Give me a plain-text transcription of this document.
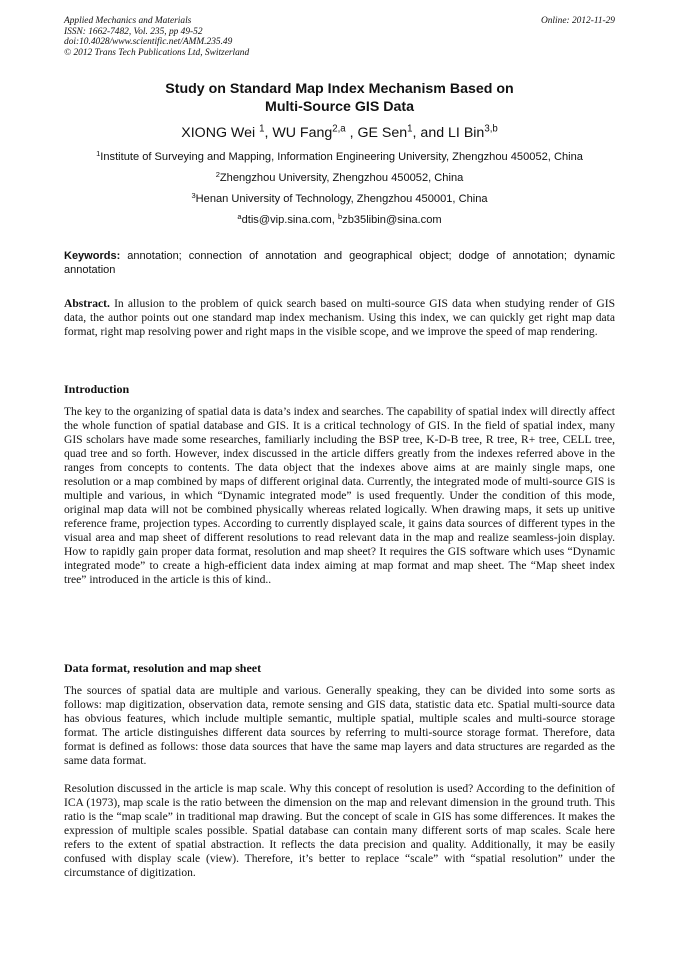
Applied Mechanics and Materials
ISSN: 1662-7482, Vol. 235, pp 49-52
doi:10.4028/www.scientific.net/AMM.235.49
© 2012 Trans Tech Publications Ltd, Switzerland
Online: 2012-11-29
Study on Standard Map Index Mechanism Based on
Multi-Source GIS Data
XIONG Wei $^1$, WU Fang$^{2,a}$ , GE Sen$^1$, and LI Bin$^{3,b}$
$^1$Institute of Surveying and Mapping, Information Engineering University, Zhengzhou 450052, China
$^2$Zhengzhou University, Zhengzhou 450052, China
$^3$Henan University of Technology, Zhengzhou 450001, China
$^a$dtis@vip.sina.com, $^b$zb35libin@sina.com
Keywords: annotation; connection of annotation and geographical object; dodge of annotation; dynamic annotation
Abstract. In allusion to the problem of quick search based on multi-source GIS data when studying render of GIS data, the author points out one standard map index mechanism. Using this index, we can quickly get right map data format, right map resolving power and right maps in the visible scope, and we improve the speed of map rendering.
Introduction
The key to the organizing of spatial data is data’s index and searches. The capability of spatial index will directly affect the whole function of spatial database and GIS. It is a critical technology of GIS. In the field of spatial index, many GIS scholars have made some researches, familiarly including the BSP tree, K-D-B tree, R tree, R+ tree, CELL tree, quad tree and so forth. However, index discussed in the article differs greatly from the indexes referred above in the ranges from concepts to contents. The data object that the indexes above aims at are mainly single maps, one resolution or a map combined by maps of different original data. Currently, the integrated mode of multi-source GIS is multiple and various, in which “Dynamic integrated mode” is used frequently. Under the condition of this mode, original map data will not be combined physically whereas related logically. When drawing maps, it sets up unitive reference frame, projection types. According to currently displayed scale, it gains data sources of different types in the visual area and map sheet of different resolutions to read relevant data in the map and realize seamless-join display. How to rapidly gain proper data format, resolution and map sheet? It requires the GIS software which uses “Dynamic integrated mode” to create a high-efficient data index aiming at map format and map sheet. The “Map sheet index tree” introduced in the article is this of kind..
Data format, resolution and map sheet
The sources of spatial data are multiple and various. Generally speaking, they can be divided into some sorts as follows: map digitization, observation data, remote sensing and GIS data, statistic data etc. Spatial multi-source data has obvious features, which include multiple semantic, multiple spatial, multiple scales and multi-source storage format. The article distinguishes different data sources by referring to multi-source storage format. Therefore, data format is defined as follows: those data sources that have the same map layers and data structures are regarded as the same data format.
Resolution discussed in the article is map scale. Why this concept of resolution is used? According to the definition of ICA (1973), map scale is the ratio between the dimension on the map and relevant dimension in the ground truth. This ratio is the “map scale” in traditional map drawing. But the concept of scale in GIS has some differences. It makes the expression of multiple scales possible. Spatial database can contain many different sorts of map scales. Scale here refers to the extent of spatial abstraction. It reflects the data precision and quality. Additionally, it may be easily confused with display scale (view). Therefore, it’s better to replace “scale” with “spatial resolution” under the circumstance of digitization.
